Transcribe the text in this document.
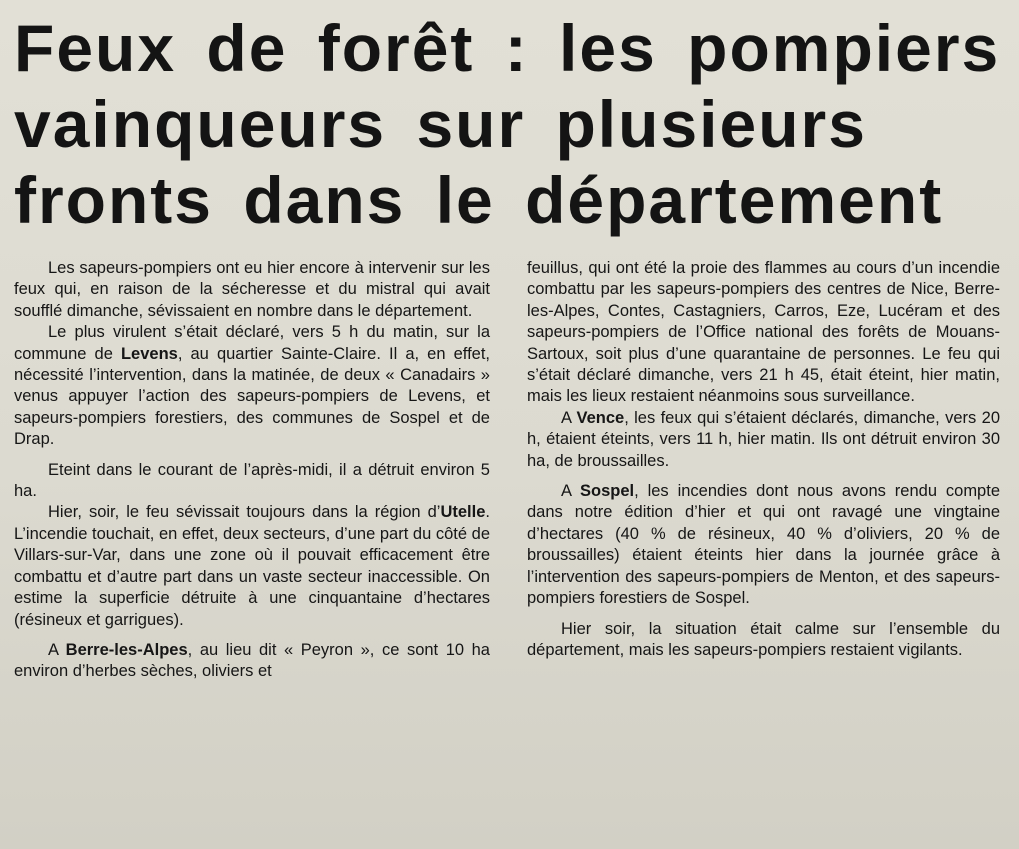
Feux de forêt : les pompiers
vainqueurs sur plusieurs
fronts dans le département

Les sapeurs-pompiers ont eu hier encore à intervenir sur les feux qui, en raison de la sécheresse et du mistral qui avait soufflé dimanche, sévissaient en nombre dans le département.

Le plus virulent s’était déclaré, vers 5 h du matin, sur la commune de Levens, au quartier Sainte-Claire. Il a, en effet, nécessité l’intervention, dans la matinée, de deux « Canadairs » venus appuyer l’action des sapeurs-pompiers de Levens, et sapeurs-pompiers forestiers, des communes de Sospel et de Drap.

Eteint dans le courant de l’après-midi, il a détruit environ 5 ha.

Hier, soir, le feu sévissait toujours dans la région d’Utelle. L’incendie touchait, en effet, deux secteurs, d’une part du côté de Villars-sur-Var, dans une zone où il pouvait efficacement être combattu et d’autre part dans un vaste secteur inaccessible. On estime la superficie détruite à une cinquantaine d’hectares (résineux et garrigues).

A Berre-les-Alpes, au lieu dit « Peyron », ce sont 10 ha environ d’herbes sèches, oliviers et

feuillus, qui ont été la proie des flammes au cours d’un incendie combattu par les sapeurs-pompiers des centres de Nice, Berre-les-Alpes, Contes, Castagniers, Carros, Eze, Lucéram et des sapeurs-pompiers de l’Office national des forêts de Mouans-Sartoux, soit plus d’une quarantaine de personnes. Le feu qui s’était déclaré dimanche, vers 21 h 45, était éteint, hier matin, mais les lieux restaient néanmoins sous surveillance.

A Vence, les feux qui s’étaient déclarés, dimanche, vers 20 h, étaient éteints, vers 11 h, hier matin. Ils ont détruit environ 30 ha, de broussailles.

A Sospel, les incendies dont nous avons rendu compte dans notre édition d’hier et qui ont ravagé une vingtaine d’hectares (40 % de résineux, 40 % d’oliviers, 20 % de broussailles) étaient éteints hier dans la journée grâce à l’intervention des sapeurs-pompiers de Menton, et des sapeurs-pompiers forestiers de Sospel.

Hier soir, la situation était calme sur l’ensemble du département, mais les sapeurs-pompiers restaient vigilants.
